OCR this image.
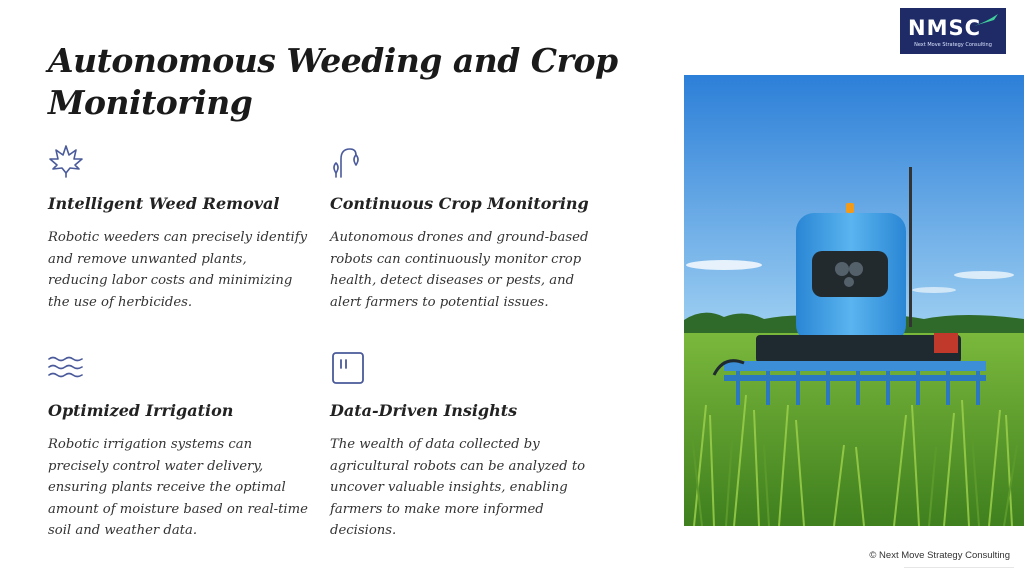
Autonomous Weeding and Crop Monitoring
NMSC
Next Move Strategy Consulting
Intelligent Weed Removal

Robotic weeders can precisely identify and remove unwanted plants, reducing labor costs and minimizing the use of herbicides.

Continuous Crop Monitoring

Autonomous drones and ground-based robots can continuously monitor crop health, detect diseases or pests, and alert farmers to potential issues.

Optimized Irrigation

Robotic irrigation systems can precisely control water delivery, ensuring plants receive the optimal amount of moisture based on real-time soil and weather data.

Data-Driven Insights

The wealth of data collected by agricultural robots can be analyzed to uncover valuable insights, enabling farmers to make more informed decisions.

© Next Move Strategy Consulting
